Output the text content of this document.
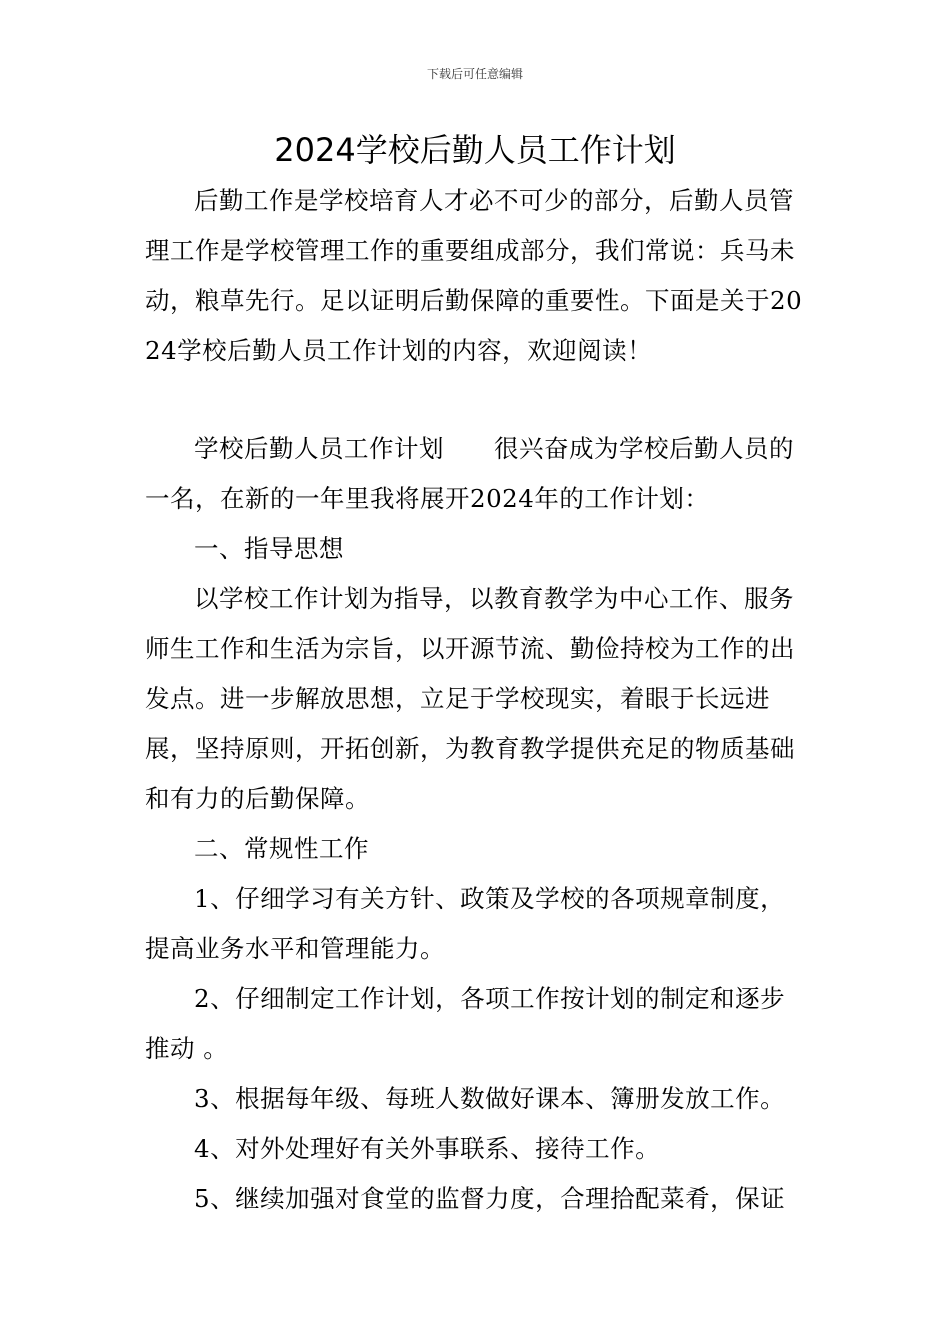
下载后可任意编辑
2024学校后勤人员工作计划

后勤工作是学校培育人才必不可少的部分，后勤人员管理工作是学校管理工作的重要组成部分，我们常说：兵马未动，粮草先行。足以证明后勤保障的重要性。下面是关于2024学校后勤人员工作计划的内容，欢迎阅读！

学校后勤人员工作计划　　很兴奋成为学校后勤人员的一名，在新的一年里我将展开2024年的工作计划：

一、指导思想

以学校工作计划为指导，以教育教学为中心工作、服务师生工作和生活为宗旨，以开源节流、勤俭持校为工作的出发点。进一步解放思想，立足于学校现实，着眼于长远进展，坚持原则，开拓创新，为教育教学提供充足的物质基础和有力的后勤保障。

二、常规性工作

1、仔细学习有关方针、政策及学校的各项规章制度，提高业务水平和管理能力。

2、仔细制定工作计划，各项工作按计划的制定和逐步推动 。

3、根据每年级、每班人数做好课本、簿册发放工作。

4、对外处理好有关外事联系、接待工作。

5、继续加强对食堂的监督力度，合理拾配菜肴，保证
